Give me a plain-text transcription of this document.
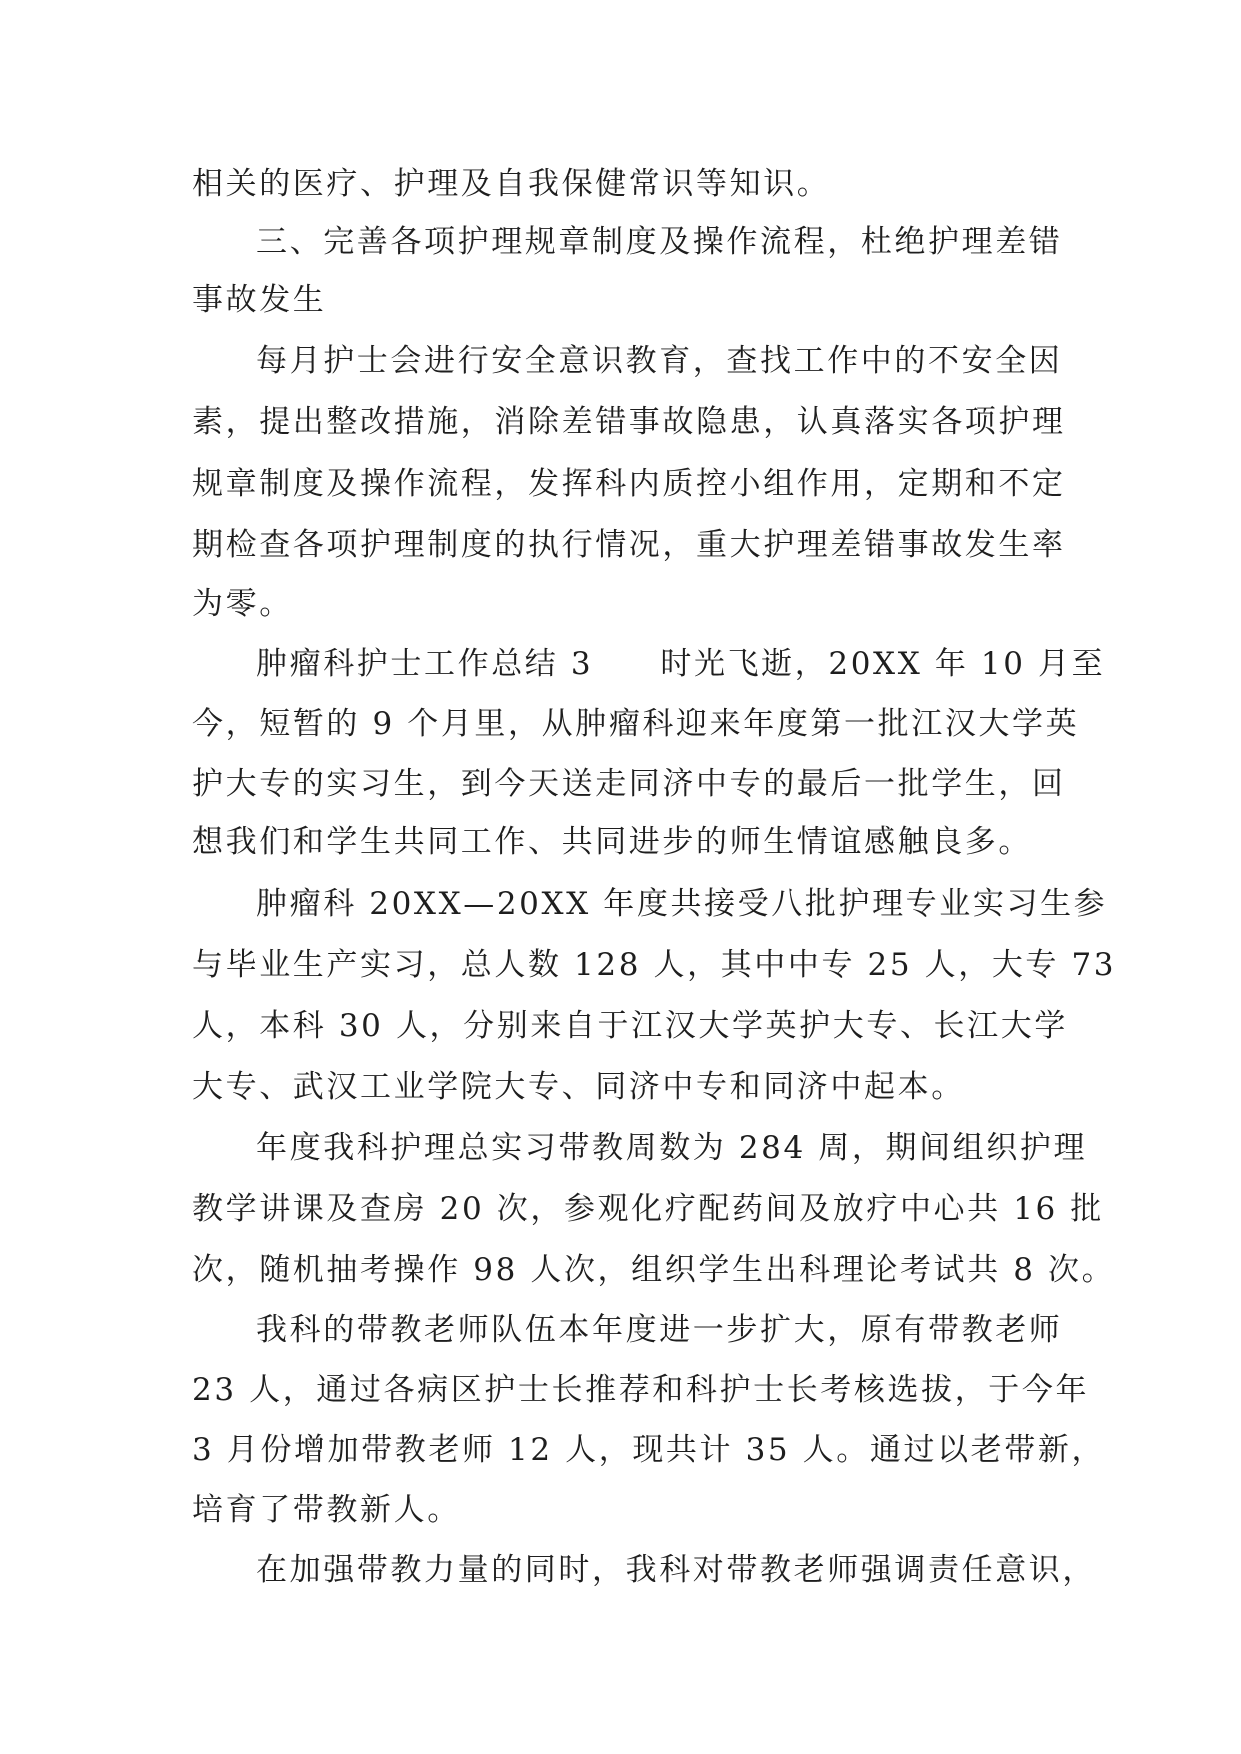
相关的医疗、护理及自我保健常识等知识。
三、完善各项护理规章制度及操作流程，杜绝护理差错
事故发生
每月护士会进行安全意识教育，查找工作中的不安全因
素，提出整改措施，消除差错事故隐患，认真落实各项护理
规章制度及操作流程，发挥科内质控小组作用，定期和不定
期检查各项护理制度的执行情况，重大护理差错事故发生率
为零。
肿瘤科护士工作总结 3　　时光飞逝，20XX 年 10 月至
今，短暂的 9 个月里，从肿瘤科迎来年度第一批江汉大学英
护大专的实习生，到今天送走同济中专的最后一批学生，回
想我们和学生共同工作、共同进步的师生情谊感触良多。
肿瘤科 20XX—20XX 年度共接受八批护理专业实习生参
与毕业生产实习，总人数 128 人，其中中专 25 人，大专 73
人，本科 30 人，分别来自于江汉大学英护大专、长江大学
大专、武汉工业学院大专、同济中专和同济中起本。
年度我科护理总实习带教周数为 284 周，期间组织护理
教学讲课及查房 20 次，参观化疗配药间及放疗中心共 16 批
次，随机抽考操作 98 人次，组织学生出科理论考试共 8 次。
我科的带教老师队伍本年度进一步扩大，原有带教老师
23 人，通过各病区护士长推荐和科护士长考核选拔，于今年
3 月份增加带教老师 12 人，现共计 35 人。通过以老带新，
培育了带教新人。
在加强带教力量的同时，我科对带教老师强调责任意识，
